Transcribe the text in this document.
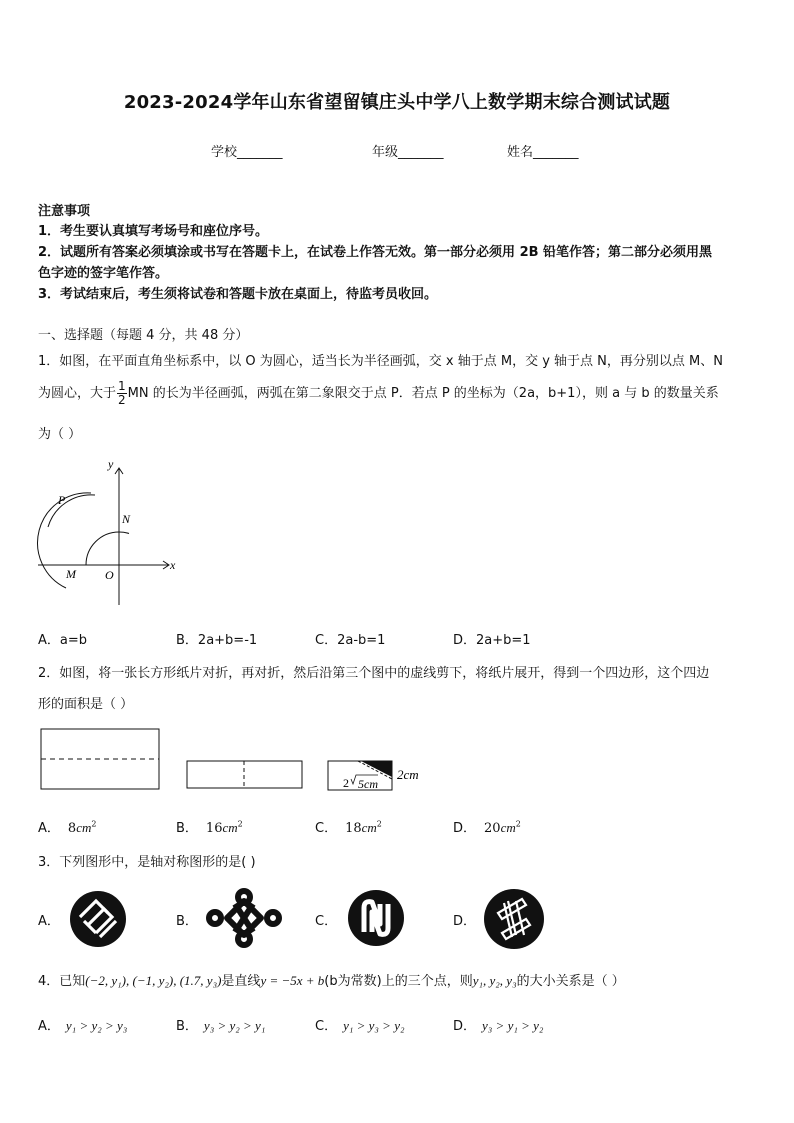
2023-2024学年山东省望留镇庄头中学八上数学期末综合测试试题
学校_______	年级_______	姓名_______
注意事项
1．考生要认真填写考场号和座位序号。
2．试题所有答案必须填涂或书写在答题卡上，在试卷上作答无效。第一部分必须用 2B 铅笔作答；第二部分必须用黑
色字迹的签字笔作答。
3．考试结束后，考生须将试卷和答题卡放在桌面上，待监考员收回。
一、选择题（每题 4 分，共 48 分）
1．如图，在平面直角坐标系中，以 O 为圆心，适当长为半径画弧，交 x 轴于点 M，交 y 轴于点 N，再分别以点 M、N
为圆心，大于 $\frac{1}{2}$ MN 的长为半径画弧，两弧在第二象限交于点 P．若点 P 的坐标为（2a，b+1），则 a 与 b 的数量关系
为（ ）
y
x
P
N
M O
A．a=b	B．2a+b=-1	C．2a-b=1	D．2a+b=1
2．如图，将一张长方形纸片对折，再对折，然后沿第三个图中的虚线剪下，将纸片展开，得到一个四边形，这个四边
形的面积是（ ）
2cm
2 5cm
A． $8cm^2$	B． $16cm^2$	C． $18cm^2$	D． $20cm^2$
3．下列图形中，是轴对称图形的是( )
A．	B．	C．	D．
4．已知(−2, y₁), (−1, y₂), (1.7, y₃)是直线y = −5x + b(b为常数)上的三个点，则y₁, y₂, y₃的大小关系是（ ）
A． y₁ > y₂ > y₃	B． y₃ > y₂ > y₁	C． y₁ > y₃ > y₂	D． y₃ > y₁ > y₂
